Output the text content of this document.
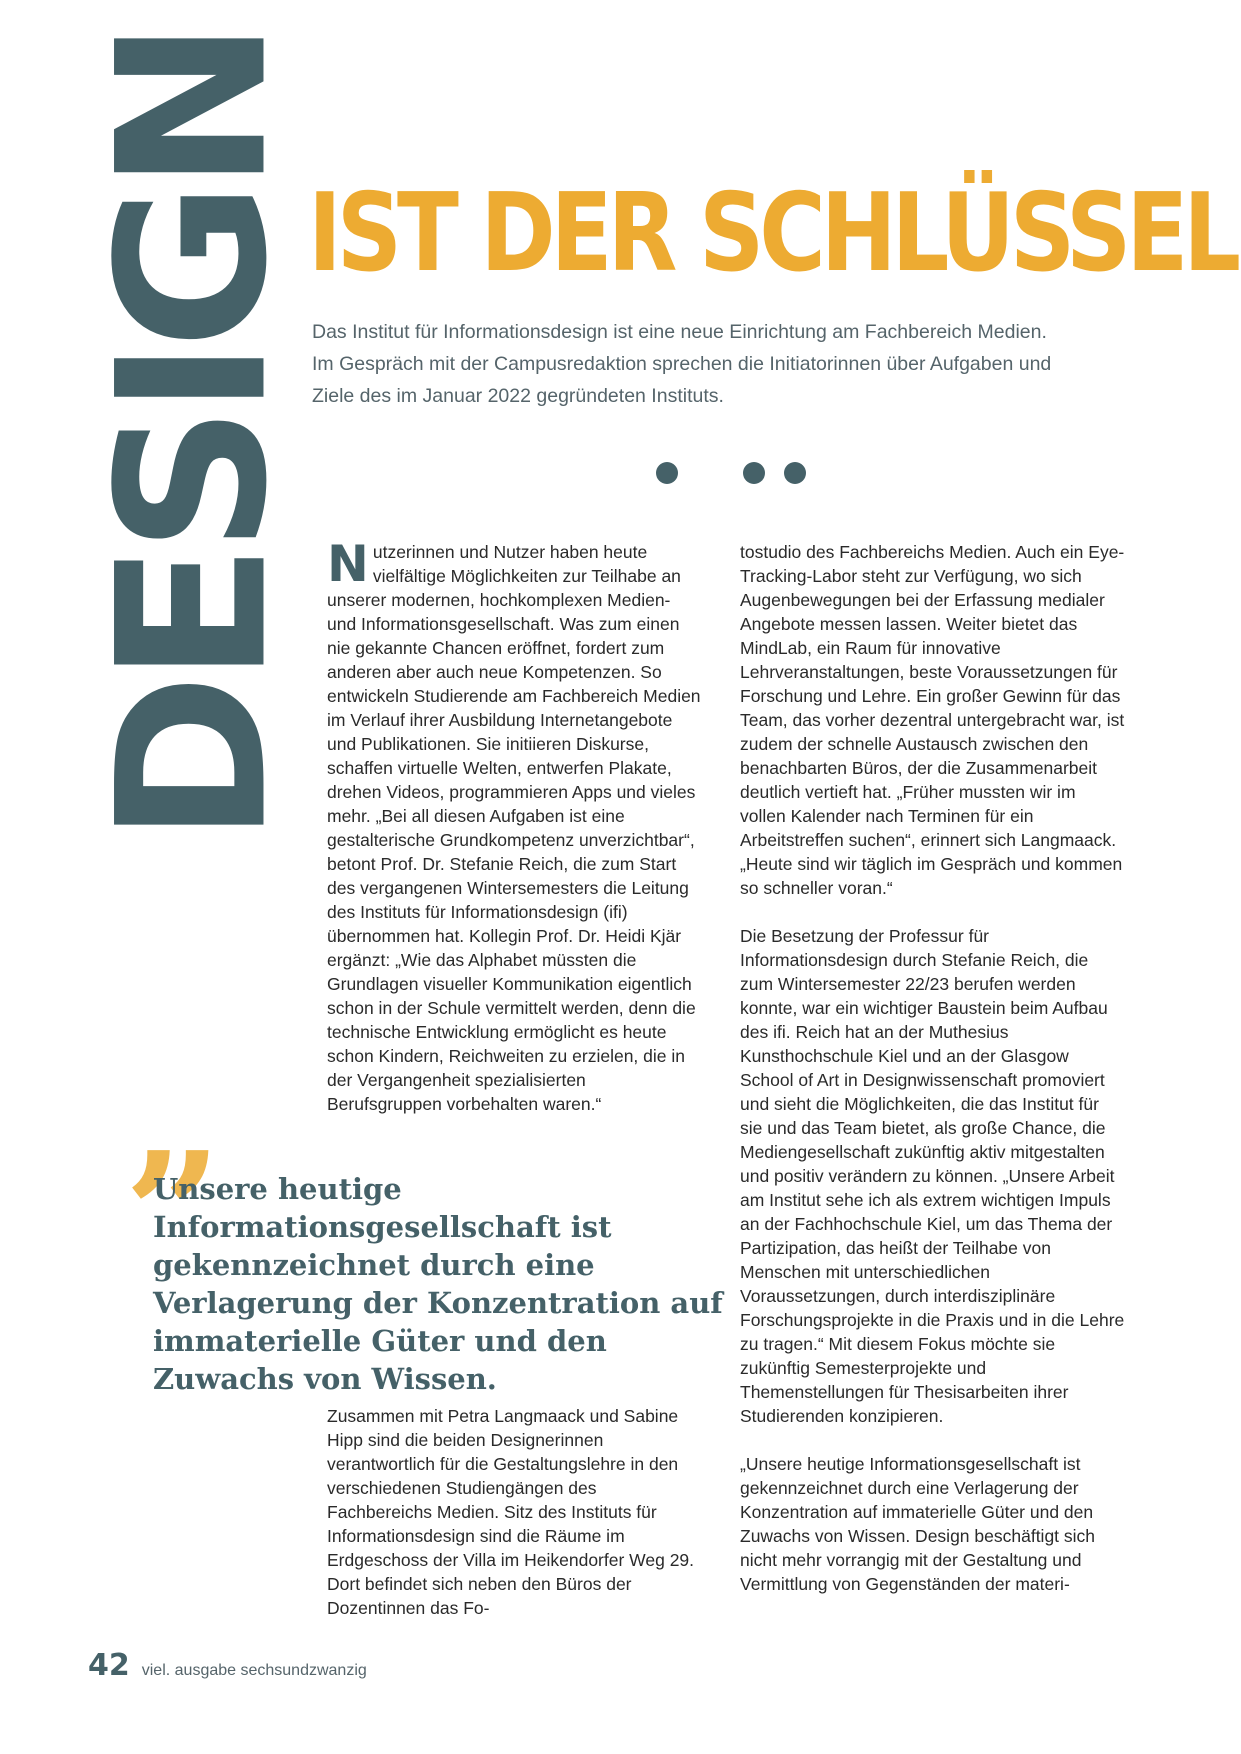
DESIGN
IST DER SCHLÜSSEL

Das Institut für Informationsdesign ist eine neue Einrichtung am Fachbereich Medien. Im Gespräch mit der Campusredaktion sprechen die Initiatorinnen über Aufgaben und Ziele des im Januar 2022 gegründeten Instituts.

Nutzerinnen und Nutzer haben heute vielfältige Möglichkeiten zur Teilhabe an unserer modernen, hochkomplexen Medien- und Informationsgesellschaft. Was zum einen nie gekannte Chancen eröffnet, fordert zum anderen aber auch neue Kompetenzen. So entwickeln Studierende am Fachbereich Medien im Verlauf ihrer Ausbildung Internetangebote und Publikationen. Sie initiieren Diskurse, schaffen virtuelle Welten, entwerfen Plakate, drehen Videos, programmieren Apps und vieles mehr. „Bei all diesen Aufgaben ist eine gestalterische Grundkompetenz unverzichtbar“, betont Prof. Dr. Stefanie Reich, die zum Start des vergangenen Wintersemesters die Leitung des Instituts für Informationsdesign (ifi) übernommen hat. Kollegin Prof. Dr. Heidi Kjär ergänzt: „Wie das Alphabet müssten die Grundlagen visueller Kommunikation eigentlich schon in der Schule vermittelt werden, denn die technische Entwicklung ermöglicht es heute schon Kindern, Reichweiten zu erzielen, die in der Vergangenheit spezialisierten Berufsgruppen vorbehalten waren.“

”

Unsere heutige Informationsgesellschaft ist gekennzeichnet durch eine Verlagerung der Konzentration auf immaterielle Güter und den Zuwachs von Wissen.

Zusammen mit Petra Langmaack und Sabine Hipp sind die beiden Designerinnen verantwortlich für die Gestaltungslehre in den verschiedenen Studiengängen des Fachbereichs Medien. Sitz des Instituts für Informationsdesign sind die Räume im Erdgeschoss der Villa im Heikendorfer Weg 29. Dort befindet sich neben den Büros der Dozentinnen das Fo-

tostudio des Fachbereichs Medien. Auch ein Eye-Tracking-Labor steht zur Verfügung, wo sich Augenbewegungen bei der Erfassung medialer Angebote messen lassen. Weiter bietet das MindLab, ein Raum für innovative Lehrveranstaltungen, beste Voraussetzungen für Forschung und Lehre. Ein großer Gewinn für das Team, das vorher dezentral untergebracht war, ist zudem der schnelle Austausch zwischen den benachbarten Büros, der die Zusammenarbeit deutlich vertieft hat. „Früher mussten wir im vollen Kalender nach Terminen für ein Arbeitstreffen suchen“, erinnert sich Langmaack. „Heute sind wir täglich im Gespräch und kommen so schneller voran.“

Die Besetzung der Professur für Informationsdesign durch Stefanie Reich, die zum Wintersemester 22/23 berufen werden konnte, war ein wichtiger Baustein beim Aufbau des ifi. Reich hat an der Muthesius Kunsthochschule Kiel und an der Glasgow School of Art in Designwissenschaft promoviert und sieht die Möglichkeiten, die das Institut für sie und das Team bietet, als große Chance, die Mediengesellschaft zukünftig aktiv mitgestalten und positiv verändern zu können. „Unsere Arbeit am Institut sehe ich als extrem wichtigen Impuls an der Fachhochschule Kiel, um das Thema der Partizipation, das heißt der Teilhabe von Menschen mit unterschiedlichen Voraussetzungen, durch interdisziplinäre Forschungsprojekte in die Praxis und in die Lehre zu tragen.“ Mit diesem Fokus möchte sie zukünftig Semesterprojekte und Themenstellungen für Thesisarbeiten ihrer Studierenden konzipieren.

„Unsere heutige Informationsgesellschaft ist gekennzeichnet durch eine Verlagerung der Konzentration auf immaterielle Güter und den Zuwachs von Wissen. Design beschäftigt sich nicht mehr vorrangig mit der Gestaltung und Vermittlung von Gegenständen der materi-

42 viel. ausgabe sechsundzwanzig
